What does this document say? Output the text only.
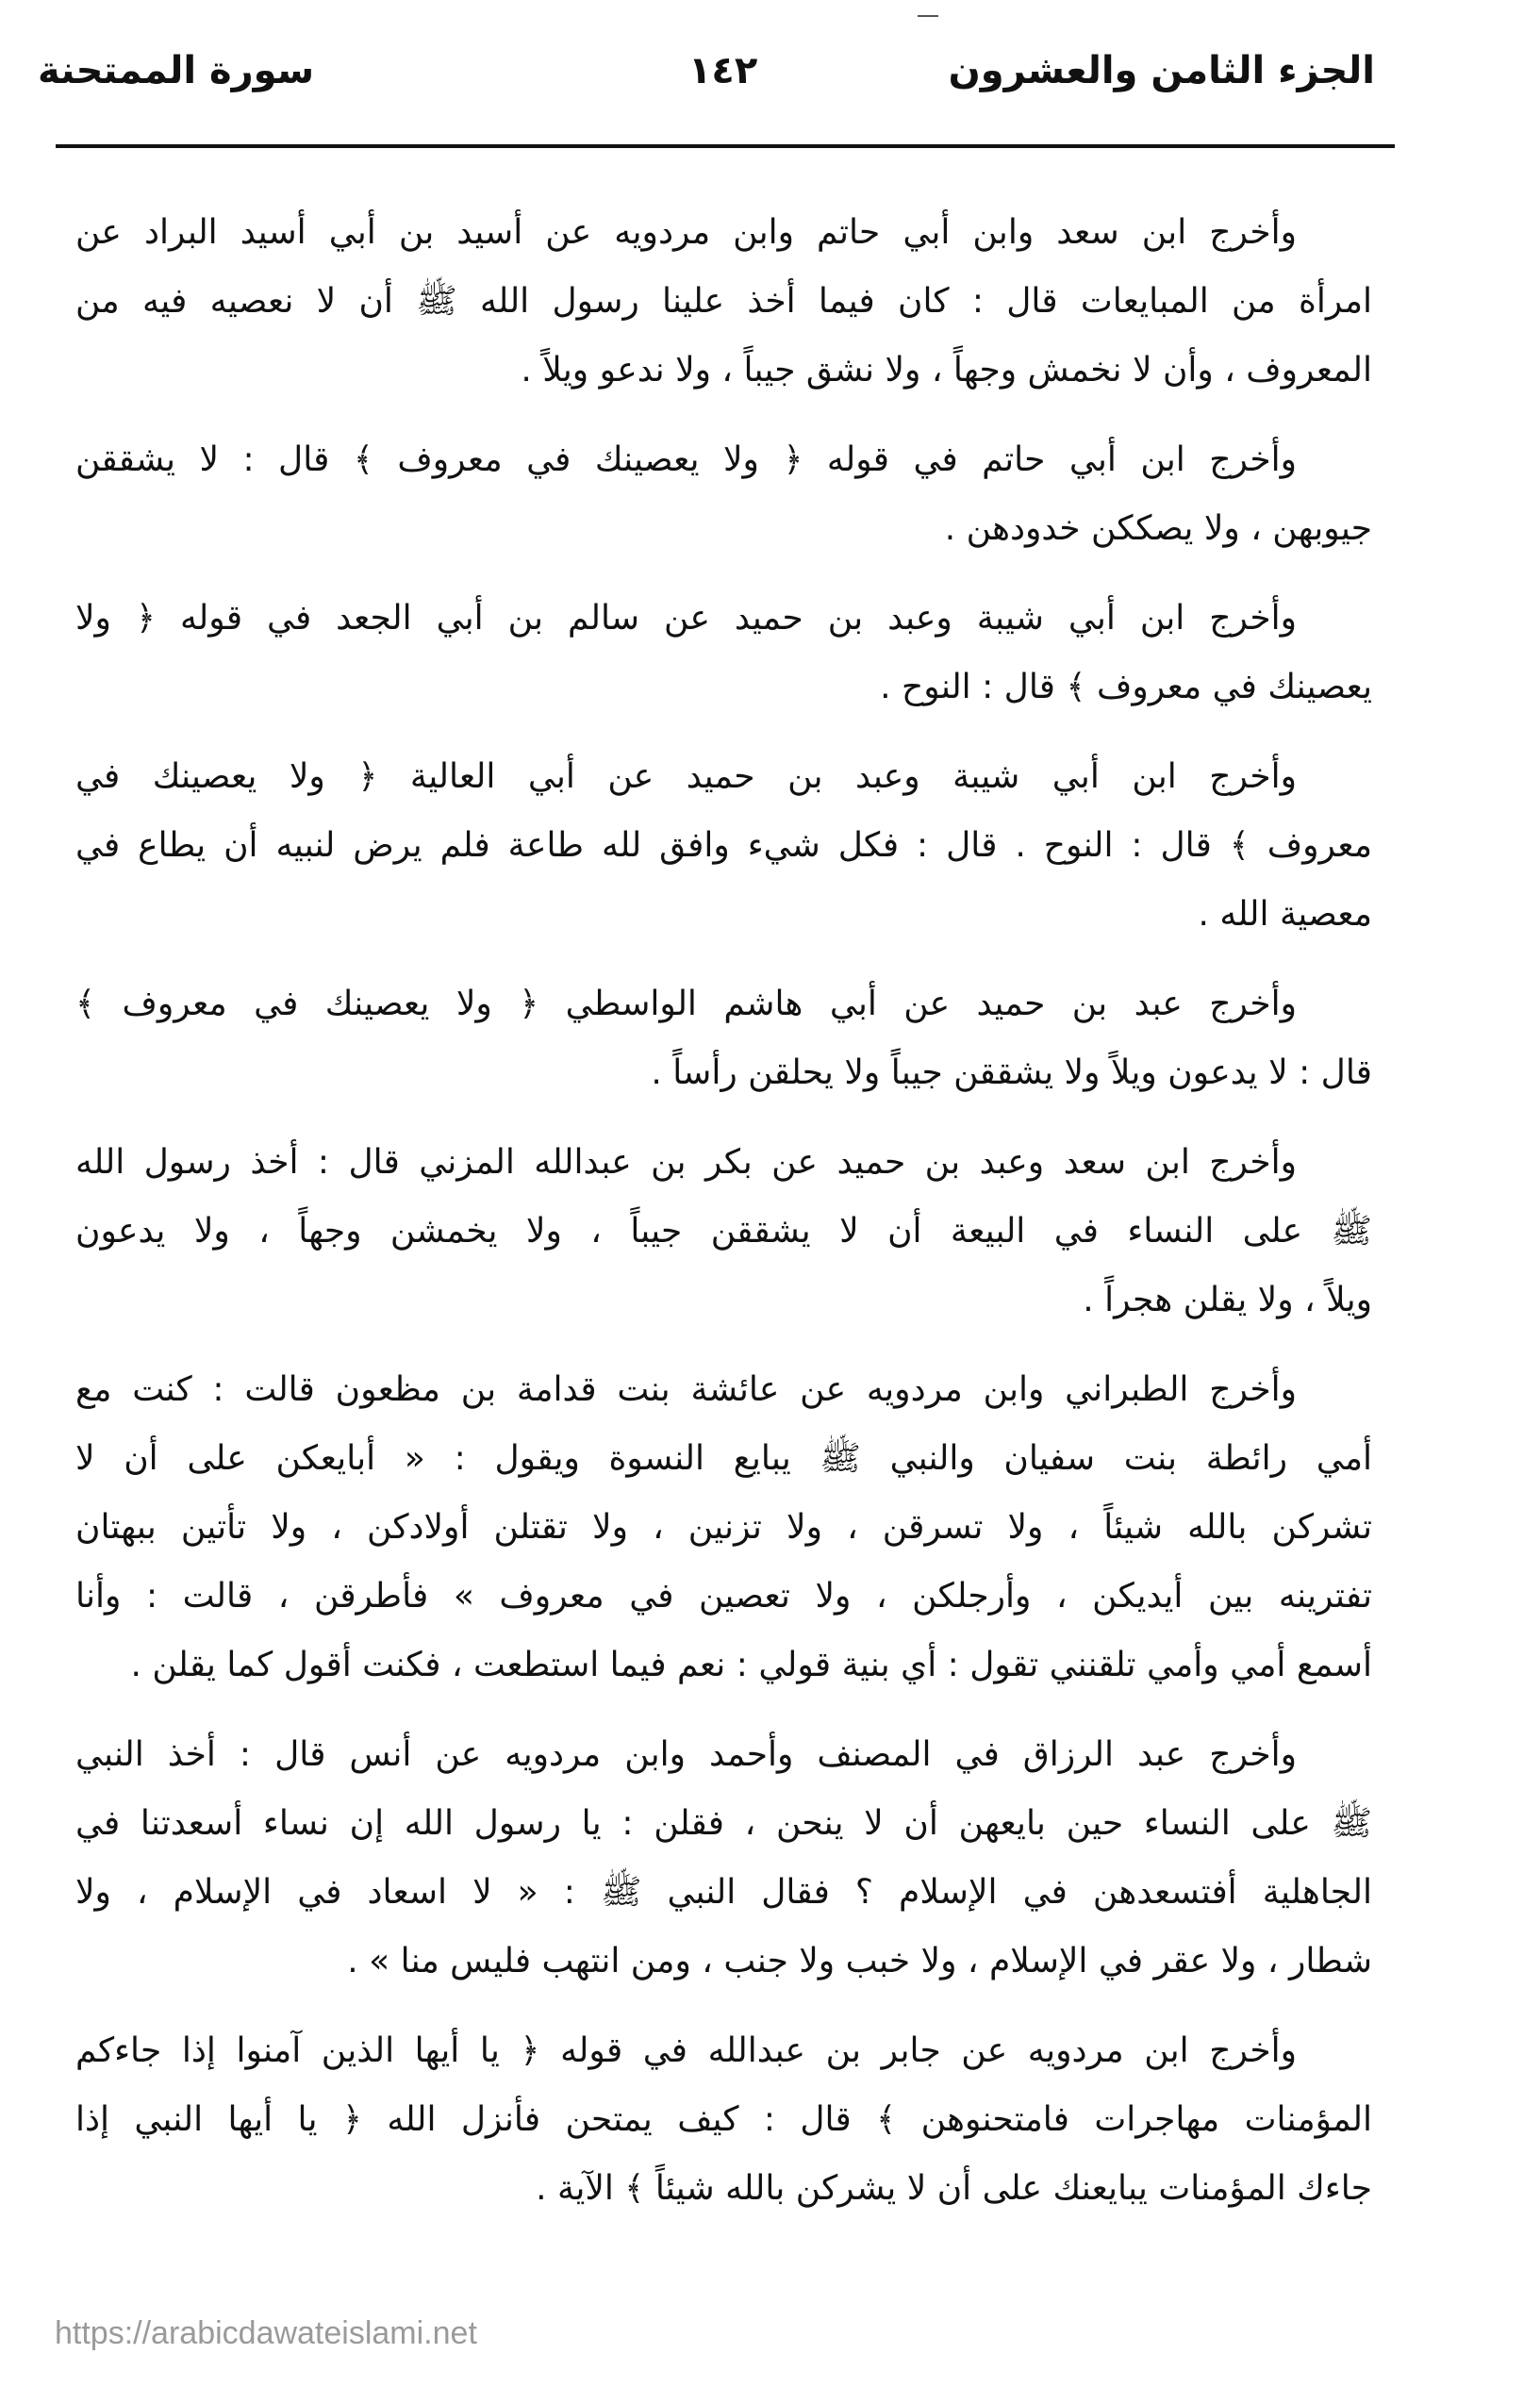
الجزء الثامن والعشرون
١٤٢
سورة الممتحنة
وأخرج ابن سعد وابن أبي حاتم وابن مردويه عن أسيد بن أبي أسيد البراد عن
امرأة من المبايعات قال : كان فيما أخذ علينا رسول الله ﷺ أن لا نعصيه فيه من
المعروف ، وأن لا نخمش وجهاً ، ولا نشق جيباً ، ولا ندعو ويلاً .
وأخرج ابن أبي حاتم في قوله ﴿ ولا يعصينك في معروف ﴾ قال : لا يشققن
جيوبهن ، ولا يصككن خدودهن .
وأخرج ابن أبي شيبة وعبد بن حميد عن سالم بن أبي الجعد في قوله ﴿ ولا
يعصينك في معروف ﴾ قال : النوح .
وأخرج ابن أبي شيبة وعبد بن حميد عن أبي العالية ﴿ ولا يعصينك في
معروف ﴾ قال : النوح . قال : فكل شيء وافق لله طاعة فلم يرض لنبيه أن يطاع في
معصية الله .
وأخرج عبد بن حميد عن أبي هاشم الواسطي ﴿ ولا يعصينك في معروف ﴾
قال : لا يدعون ويلاً ولا يشققن جيباً ولا يحلقن رأساً .
وأخرج ابن سعد وعبد بن حميد عن بكر بن عبدالله المزني قال : أخذ رسول الله
ﷺ على النساء في البيعة أن لا يشققن جيباً ، ولا يخمشن وجهاً ، ولا يدعون
ويلاً ، ولا يقلن هجراً .
وأخرج الطبراني وابن مردويه عن عائشة بنت قدامة بن مظعون قالت : كنت مع
أمي رائطة بنت سفيان والنبي ﷺ يبايع النسوة ويقول : « أبايعكن على أن لا
تشركن بالله شيئاً ، ولا تسرقن ، ولا تزنين ، ولا تقتلن أولادكن ، ولا تأتين ببهتان
تفترينه بين أيديكن ، وأرجلكن ، ولا تعصين في معروف » فأطرقن ، قالت : وأنا
أسمع أمي وأمي تلقنني تقول : أي بنية قولي : نعم فيما استطعت ، فكنت أقول كما يقلن .
وأخرج عبد الرزاق في المصنف وأحمد وابن مردويه عن أنس قال : أخذ النبي
ﷺ على النساء حين بايعهن أن لا ينحن ، فقلن : يا رسول الله إن نساء أسعدتنا في
الجاهلية أفتسعدهن في الإسلام ؟ فقال النبي ﷺ : « لا اسعاد في الإسلام ، ولا
شطار ، ولا عقر في الإسلام ، ولا خبب ولا جنب ، ومن انتهب فليس منا » .
وأخرج ابن مردويه عن جابر بن عبدالله في قوله ﴿ يا أيها الذين آمنوا إذا جاءكم
المؤمنات مهاجرات فامتحنوهن ﴾ قال : كيف يمتحن فأنزل الله ﴿ يا أيها النبي إذا
جاءك المؤمنات يبايعنك على أن لا يشركن بالله شيئاً ﴾ الآية .
https://arabicdawateislami.net
